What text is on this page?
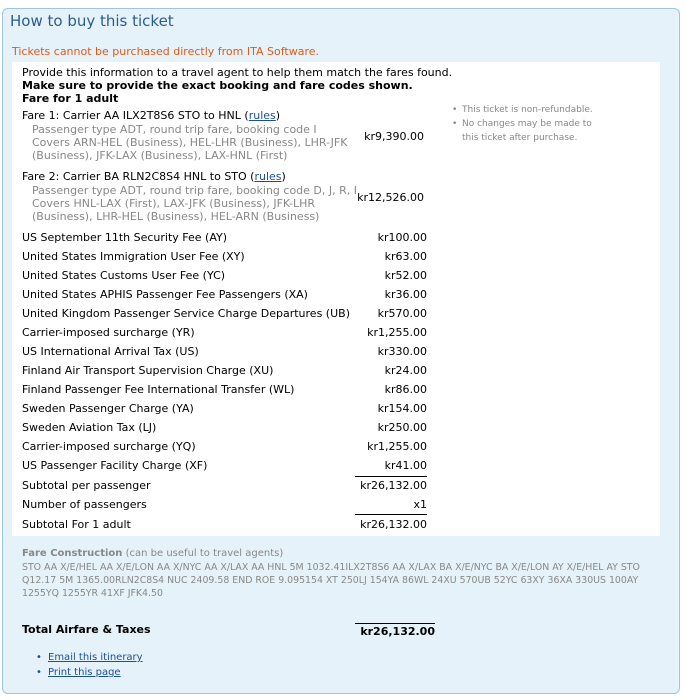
How to buy this ticket
Tickets cannot be purchased directly from ITA Software.
Provide this information to a travel agent to help them match the fares found.
Make sure to provide the exact booking and fare codes shown.
Fare for 1 adult
Fare 1: Carrier AA ILX2T8S6 STO to HNL (rules)
Passenger type ADT, round trip fare, booking code I
Covers ARN-HEL (Business), HEL-LHR (Business), LHR-JFK
(Business), JFK-LAX (Business), LAX-HNL (First)
kr9,390.00
Fare 2: Carrier BA RLN2C8S4 HNL to STO (rules)
Passenger type ADT, round trip fare, booking code D, J, R, I
Covers HNL-LAX (First), LAX-JFK (Business), JFK-LHR
(Business), LHR-HEL (Business), HEL-ARN (Business)
kr12,526.00
US September 11th Security Fee (AY)	kr100.00
United States Immigration User Fee (XY)	kr63.00
United States Customs User Fee (YC)	kr52.00
United States APHIS Passenger Fee Passengers (XA)	kr36.00
United Kingdom Passenger Service Charge Departures (UB)	kr570.00
Carrier-imposed surcharge (YR)	kr1,255.00
US International Arrival Tax (US)	kr330.00
Finland Air Transport Supervision Charge (XU)	kr24.00
Finland Passenger Fee International Transfer (WL)	kr86.00
Sweden Passenger Charge (YA)	kr154.00
Sweden Aviation Tax (LJ)	kr250.00
Carrier-imposed surcharge (YQ)	kr1,255.00
US Passenger Facility Charge (XF)	kr41.00
Subtotal per passenger	kr26,132.00
Number of passengers	x1
Subtotal For 1 adult	kr26,132.00
• This ticket is non-refundable.
• No changes may be made to this ticket after purchase.
Fare Construction (can be useful to travel agents)
STO AA X/E/HEL AA X/E/LON AA X/NYC AA X/LAX AA HNL 5M 1032.41ILX2T8S6 AA X/LAX BA X/E/NYC BA X/E/LON AY X/E/HEL AY STO Q12.17 5M 1365.00RLN2C8S4 NUC 2409.58 END ROE 9.095154 XT 250LJ 154YA 86WL 24XU 570UB 52YC 63XY 36XA 330US 100AY 1255YQ 1255YR 41XF JFK4.50
Total Airfare & Taxes	kr26,132.00
• Email this itinerary
• Print this page
